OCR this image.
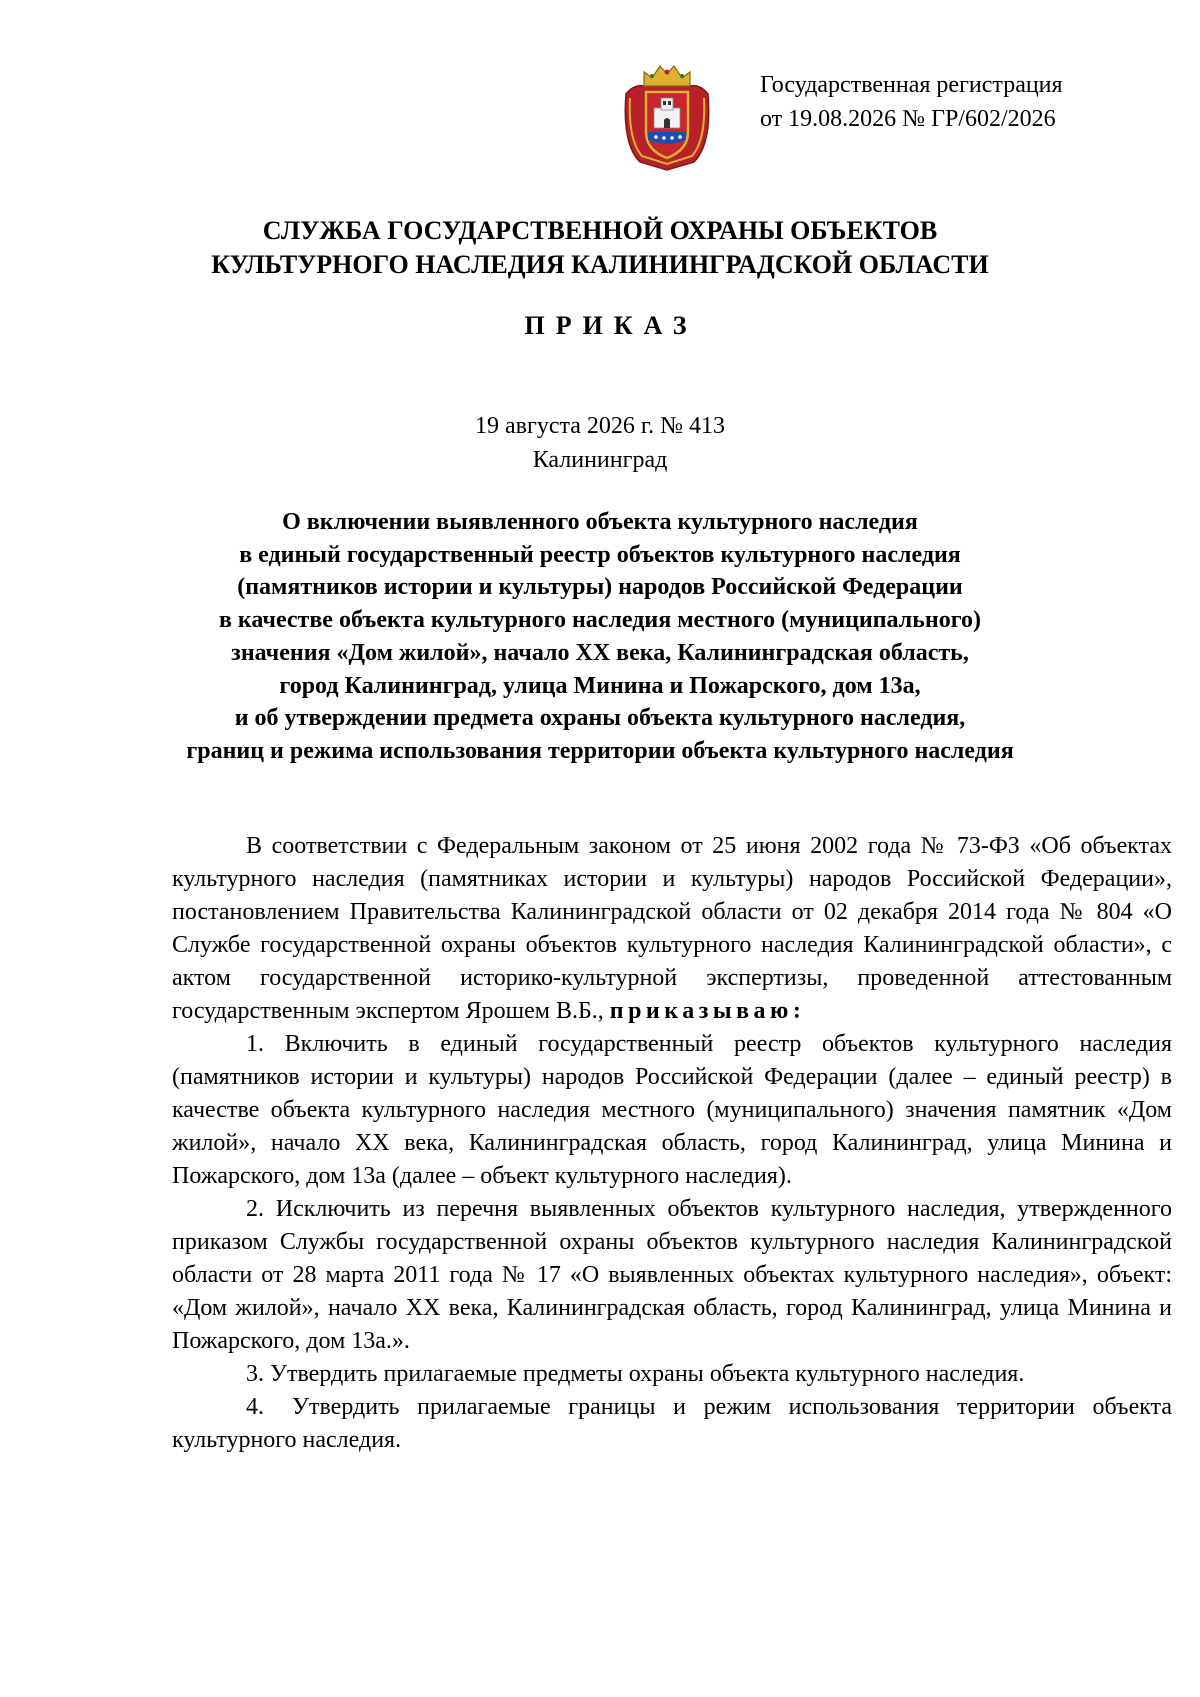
Государственная регистрация
от 19.08.2026 № ГР/602/2026
СЛУЖБА ГОСУДАРСТВЕННОЙ ОХРАНЫ ОБЪЕКТОВ
КУЛЬТУРНОГО НАСЛЕДИЯ КАЛИНИНГРАДСКОЙ ОБЛАСТИ
ПРИКАЗ
19 августа 2026 г. № 413
Калининград
О включении выявленного объекта культурного наследия
в единый государственный реестр объектов культурного наследия
(памятников истории и культуры) народов Российской Федерации
в качестве объекта культурного наследия местного (муниципального)
значения «Дом жилой», начало XX века, Калининградская область,
город Калининград, улица Минина и Пожарского, дом 13а,
и об утверждении предмета охраны объекта культурного наследия,
границ и режима использования территории объекта культурного наследия

В соответствии с Федеральным законом от 25 июня 2002 года № 73-ФЗ «Об объектах культурного наследия (памятниках истории и культуры) народов Российской Федерации», постановлением Правительства Калининградской области от 02 декабря 2014 года № 804 «О Службе государственной охраны объектов культурного наследия Калининградской области», с актом государственной историко-культурной экспертизы, проведенной аттестованным государственным экспертом Ярошем В.Б., приказываю:

1. Включить в единый государственный реестр объектов культурного наследия (памятников истории и культуры) народов Российской Федерации (далее – единый реестр) в качестве объекта культурного наследия местного (муниципального) значения памятник «Дом жилой», начало XX века, Калининградская область, город Калининград, улица Минина и Пожарского, дом 13а (далее – объект культурного наследия).

2. Исключить из перечня выявленных объектов культурного наследия, утвержденного приказом Службы государственной охраны объектов культурного наследия Калининградской области от 28 марта 2011 года № 17 «О выявленных объектах культурного наследия», объект: «Дом жилой», начало XX века, Калининградская область, город Калининград, улица Минина и Пожарского, дом 13а.».

3. Утвердить прилагаемые предметы охраны объекта культурного наследия.

4. Утвердить прилагаемые границы и режим использования территории объекта культурного наследия.
